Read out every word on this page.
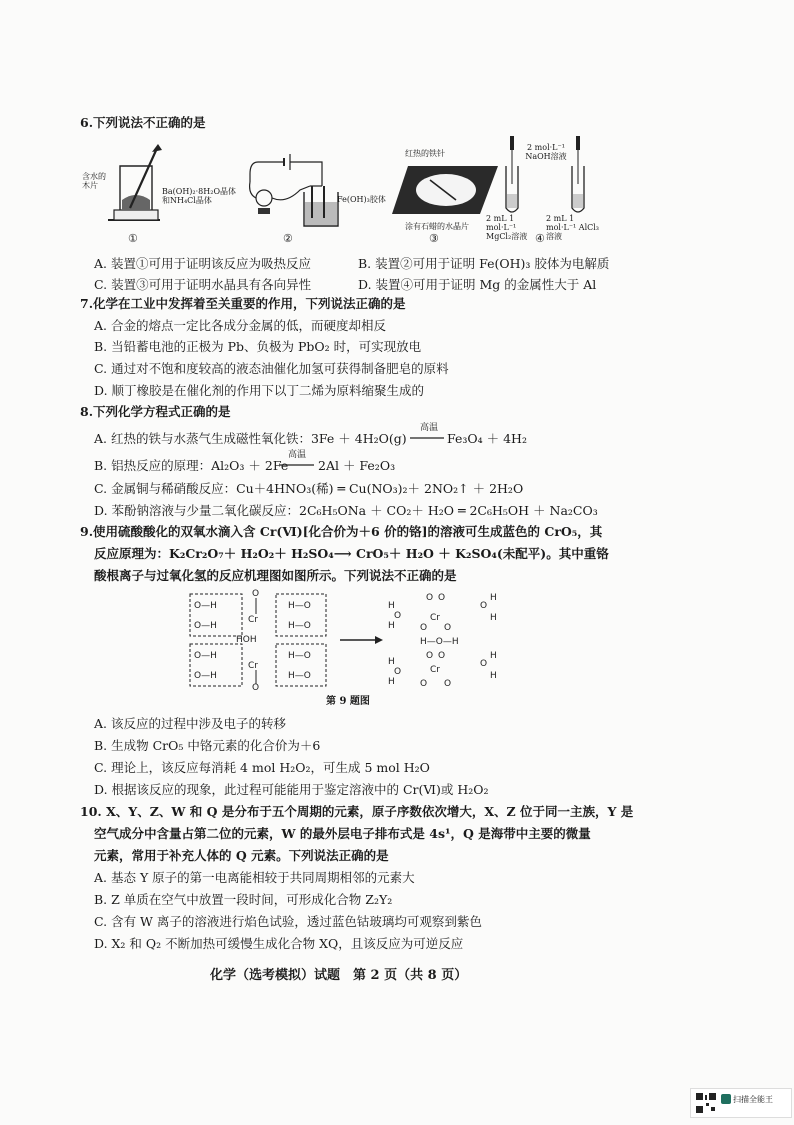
6.下列说法不正确的是
含水的木片
Ba(OH)₂·8H₂O晶体和NH₄Cl晶体
①
Fe(OH)₃胶体
②
红热的铁针
涂有石蜡的水晶片
③
2 mol·L⁻¹ NaOH溶液
2 mL 1 mol·L⁻¹ MgCl₂溶液
2 mL 1 mol·L⁻¹ AlCl₃溶液
④
A. 装置①可用于证明该反应为吸热反应	B. 装置②可用于证明 Fe(OH)₃ 胶体为电解质
C. 装置③可用于证明水晶具有各向异性	D. 装置④可用于证明 Mg 的金属性大于 Al
7.化学在工业中发挥着至关重要的作用，下列说法正确的是
A. 合金的熔点一定比各成分金属的低，而硬度却相反
B. 当铅蓄电池的正极为 Pb、负极为 PbO₂ 时，可实现放电
C. 通过对不饱和度较高的液态油催化加氢可获得制备肥皂的原料
D. 顺丁橡胶是在催化剂的作用下以丁二烯为原料缩聚生成的
8.下列化学方程式正确的是
A. 红热的铁与水蒸气生成磁性氧化铁：3Fe ＋ 4H₂O(g)
高温
Fe₃O₄ ＋ 4H₂
B. 铝热反应的原理：Al₂O₃ ＋ 2Fe
高温
2Al ＋ Fe₂O₃
C. 金属铜与稀硝酸反应：Cu＋4HNO₃(稀) ═ Cu(NO₃)₂＋ 2NO₂↑ ＋ 2H₂O
D. 苯酚钠溶液与少量二氧化碳反应：2C₆H₅ONa ＋ CO₂＋ H₂O ═ 2C₆H₅OH ＋ Na₂CO₃
9.使用硫酸酸化的双氧水滴入含 Cr(Ⅵ)[化合价为＋6 价的铬]的溶液可生成蓝色的 CrO₅，其
反应原理为：K₂Cr₂O₇＋ H₂O₂＋ H₂SO₄⟶ CrO₅＋ H₂O ＋ K₂SO₄(未配平)。其中重铬
酸根离子与过氧化氢的反应机理图如图所示。下列说法不正确的是
O
O
Cr
Cr
HOH
O—H
O—H
O—H
O—H
H—O
H—O
H—O
H—O
H
O
H
H
O
H
O O
Cr
O O
H—O—H
O O
Cr
O O
O
H
H
O
H
H
第 9 题图
A. 该反应的过程中涉及电子的转移
B. 生成物 CrO₅ 中铬元素的化合价为＋6
C. 理论上，该反应每消耗 4 mol H₂O₂，可生成 5 mol H₂O
D. 根据该反应的现象，此过程可能能用于鉴定溶液中的 Cr(Ⅵ)或 H₂O₂
10. X、Y、Z、W 和 Q 是分布于五个周期的元素，原子序数依次增大，X、Z 位于同一主族，Y 是
空气成分中含量占第二位的元素，W 的最外层电子排布式是 4s¹，Q 是海带中主要的微量
元素，常用于补充人体的 Q 元素。下列说法正确的是
A. 基态 Y 原子的第一电离能相较于共同周期相邻的元素大
B. Z 单质在空气中放置一段时间，可形成化合物 Z₂Y₂
C. 含有 W 离子的溶液进行焰色试验，透过蓝色钴玻璃均可观察到紫色
D. X₂ 和 Q₂ 不断加热可缓慢生成化合物 XQ，且该反应为可逆反应
化学（选考模拟）试题　第 2 页（共 8 页）
扫描全能王
